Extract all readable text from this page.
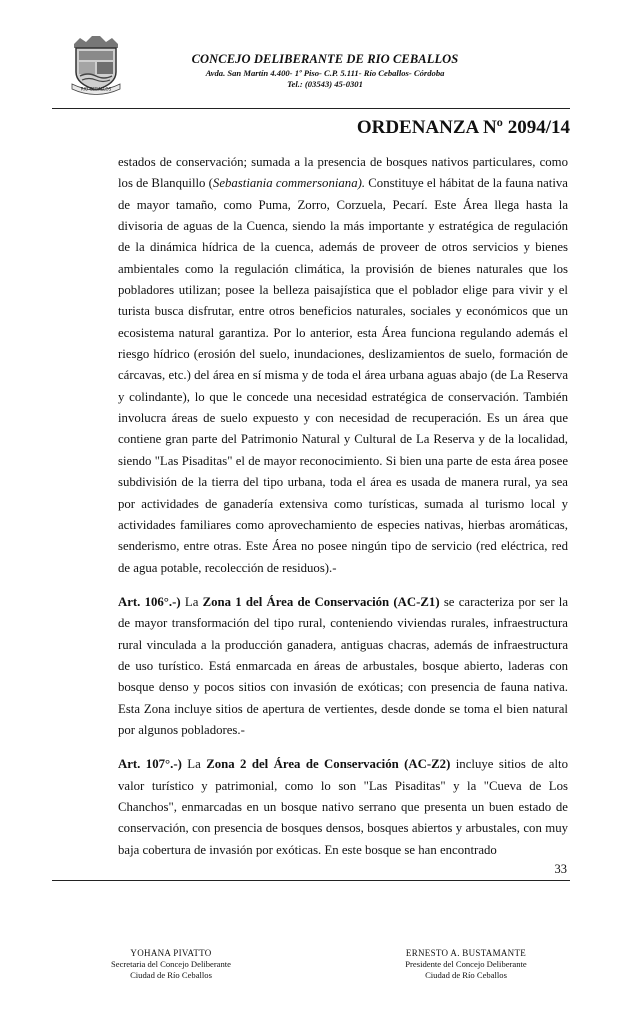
RIO CEBALLOS
CONCEJO DELIBERANTE DE RIO CEBALLOS
Avda. San Martín 4.400- 1º Piso- C.P. 5.111- Río Ceballos- Córdoba
Tel.: (03543) 45-0301
ORDENANZA Nº 2094/14

estados de conservación; sumada a la presencia de bosques nativos particulares, como los de Blanquillo (Sebastiania commersoniana). Constituye el hábitat de la fauna nativa de mayor tamaño, como Puma, Zorro, Corzuela, Pecarí. Este Área llega hasta la divisoria de aguas de la Cuenca, siendo la más importante y estratégica de regulación de la dinámica hídrica de la cuenca, además de proveer de otros servicios y bienes ambientales como la regulación climática, la provisión de bienes naturales que los pobladores utilizan; posee la belleza paisajística que el poblador elige para vivir y el turista busca disfrutar, entre otros beneficios naturales, sociales y económicos que un ecosistema natural garantiza. Por lo anterior, esta Área funciona regulando además el riesgo hídrico (erosión del suelo, inundaciones, deslizamientos de suelo, formación de cárcavas, etc.) del área en sí misma y de toda el área urbana aguas abajo (de La Reserva y colindante), lo que le concede una necesidad estratégica de conservación. También involucra áreas de suelo expuesto y con necesidad de recuperación. Es un área que contiene gran parte del Patrimonio Natural y Cultural de La Reserva y de la localidad, siendo "Las Pisaditas" el de mayor reconocimiento. Si bien una parte de esta área posee subdivisión de la tierra del tipo urbana, toda el área es usada de manera rural, ya sea por actividades de ganadería extensiva como turísticas, sumada al turismo local y actividades familiares como aprovechamiento de especies nativas, hierbas aromáticas, senderismo, entre otras. Este Área no posee ningún tipo de servicio (red eléctrica, red de agua potable, recolección de residuos).-

Art. 106°.-) La Zona 1 del Área de Conservación (AC-Z1) se caracteriza por ser la de mayor transformación del tipo rural, conteniendo viviendas rurales, infraestructura rural vinculada a la producción ganadera, antiguas chacras, además de infraestructura de uso turístico. Está enmarcada en áreas de arbustales, bosque abierto, laderas con bosque denso y pocos sitios con invasión de exóticas; con presencia de fauna nativa. Esta Zona incluye sitios de apertura de vertientes, desde donde se toma el bien natural por algunos pobladores.-

Art. 107°.-) La Zona 2 del Área de Conservación (AC-Z2) incluye sitios de alto valor turístico y patrimonial, como lo son "Las Pisaditas" y la "Cueva de Los Chanchos", enmarcadas en un bosque nativo serrano que presenta un buen estado de conservación, con presencia de bosques densos, bosques abiertos y arbustales, con muy baja cobertura de invasión por exóticas. En este bosque se han encontrado

33
YOHANA PIVATTO
Secretaria del Concejo Deliberante
Ciudad de Río Ceballos
ERNESTO A. BUSTAMANTE
Presidente del Concejo Deliberante
Ciudad de Río Ceballos
